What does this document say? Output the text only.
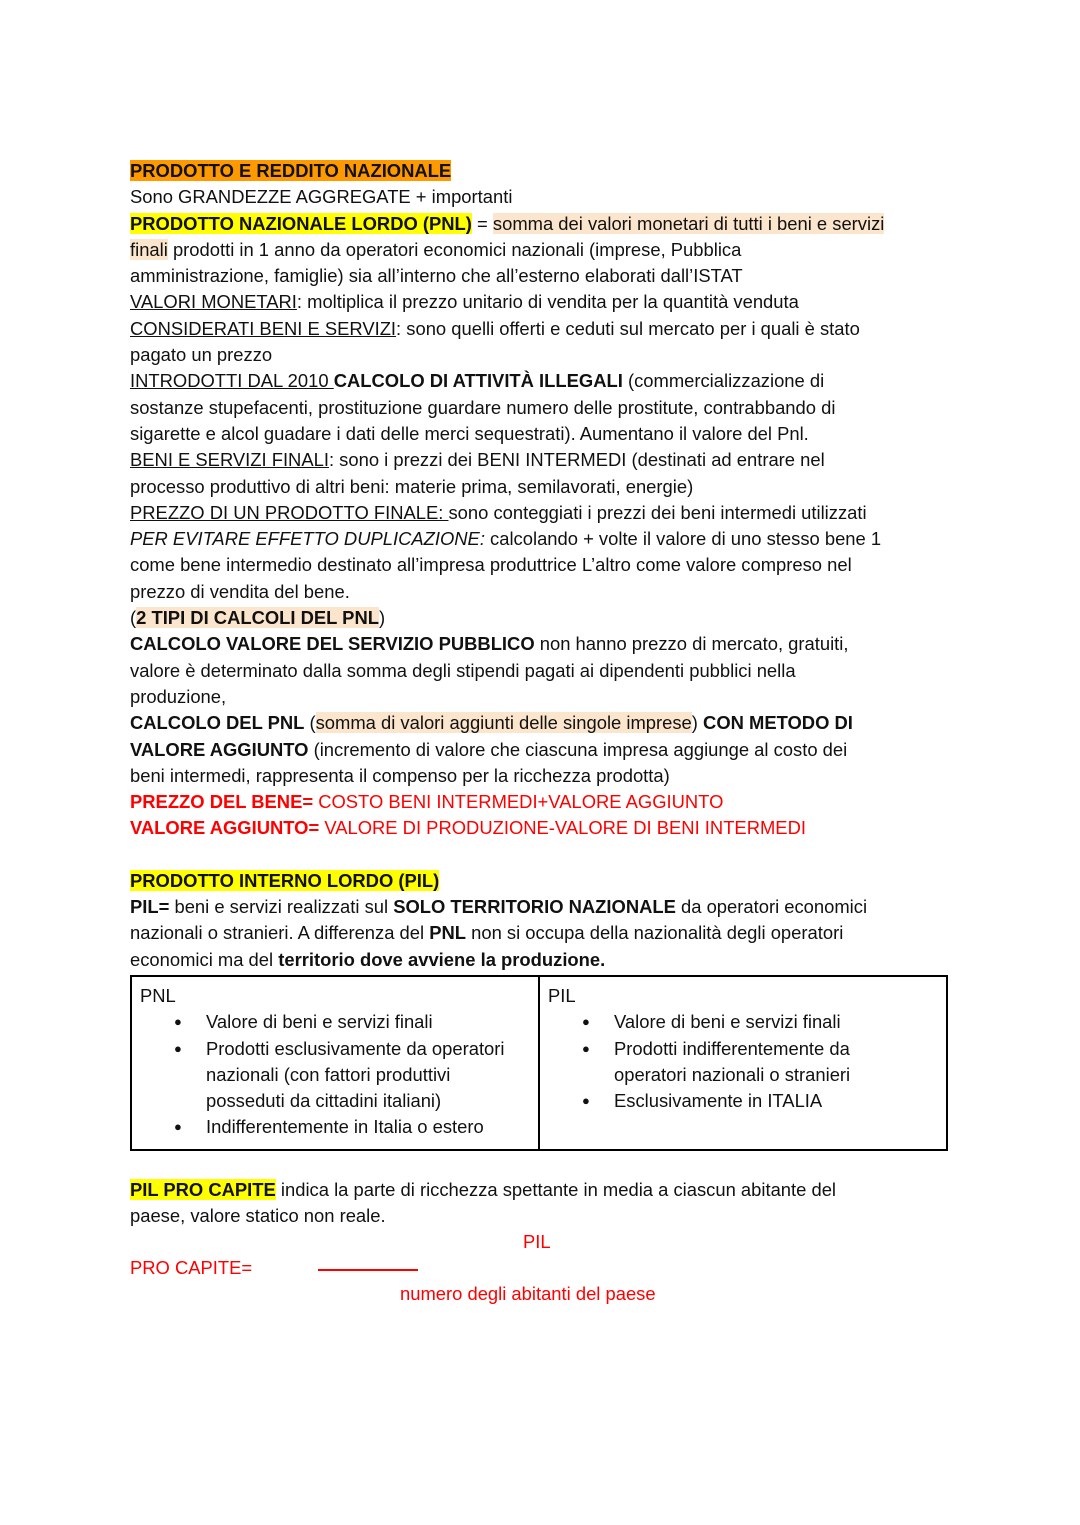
PRODOTTO E REDDITO NAZIONALE
Sono GRANDEZZE AGGREGATE + importanti
PRODOTTO NAZIONALE LORDO (PNL) = somma dei valori monetari di tutti i beni e servizi
finali prodotti in 1 anno da operatori economici nazionali (imprese, Pubblica
amministrazione, famiglie) sia all’interno che all’esterno elaborati dall’ISTAT
VALORI MONETARI: moltiplica il prezzo unitario di vendita per la quantità venduta
CONSIDERATI BENI E SERVIZI: sono quelli offerti e ceduti sul mercato per i quali è stato
pagato un prezzo
INTRODOTTI DAL 2010 CALCOLO DI ATTIVITÀ ILLEGALI (commercializzazione di
sostanze stupefacenti, prostituzione guardare numero delle prostitute, contrabbando di
sigarette e alcol guadare i dati delle merci sequestrati). Aumentano il valore del Pnl.
BENI E SERVIZI FINALI: sono i prezzi dei BENI INTERMEDI (destinati ad entrare nel
processo produttivo di altri beni: materie prima, semilavorati, energie)
PREZZO DI UN PRODOTTO FINALE: sono conteggiati i prezzi dei beni intermedi utilizzati
PER EVITARE EFFETTO DUPLICAZIONE: calcolando + volte il valore di uno stesso bene 1
come bene intermedio destinato all’impresa produttrice L’altro come valore compreso nel
prezzo di vendita del bene.
(2 TIPI DI CALCOLI DEL PNL)
CALCOLO VALORE DEL SERVIZIO PUBBLICO non hanno prezzo di mercato, gratuiti,
valore è determinato dalla somma degli stipendi pagati ai dipendenti pubblici nella
produzione,
CALCOLO DEL PNL (somma di valori aggiunti delle singole imprese) CON METODO DI
VALORE AGGIUNTO (incremento di valore che ciascuna impresa aggiunge al costo dei
beni intermedi, rappresenta il compenso per la ricchezza prodotta)
PREZZO DEL BENE= COSTO BENI INTERMEDI+VALORE AGGIUNTO
VALORE AGGIUNTO= VALORE DI PRODUZIONE-VALORE DI BENI INTERMEDI
PRODOTTO INTERNO LORDO (PIL)
PIL= beni e servizi realizzati sul SOLO TERRITORIO NAZIONALE da operatori economici
nazionali o stranieri. A differenza del PNL non si occupa della nazionalità degli operatori
economici ma del territorio dove avviene la produzione.
PNL
● Valore di beni e servizi finali
● Prodotti esclusivamente da operatori
nazionali (con fattori produttivi
posseduti da cittadini italiani)
● Indifferentemente in Italia o estero

PIL
● Valore di beni e servizi finali
● Prodotti indifferentemente da
operatori nazionali o stranieri
● Esclusivamente in ITALIA
PIL PRO CAPITE indica la parte di ricchezza spettante in media a ciascun abitante del
paese, valore statico non reale.
PIL
PRO CAPITE=
numero degli abitanti del paese
